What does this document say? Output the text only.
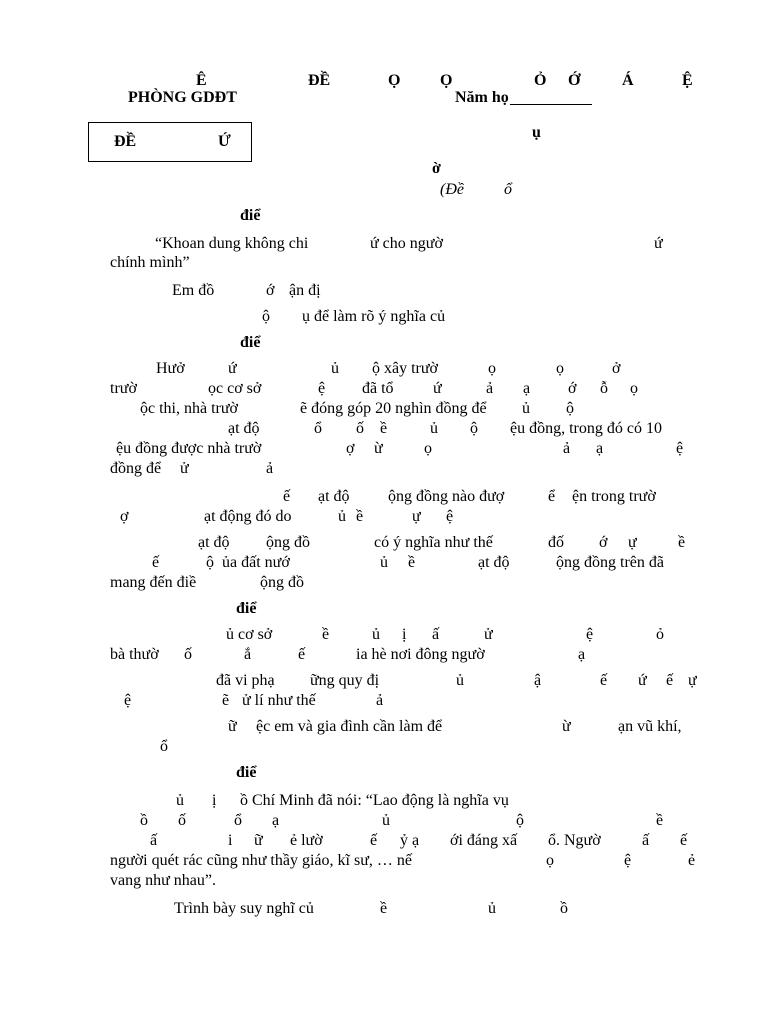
Ê	ĐỀ	Ọ Ọ	Ỏ Ớ	Á	Ệ
PHÒNG GDĐT	Năm họ
ĐỀ	Ứ
ụ
ờ
(Đề	ổ
điể
“Khoan dung không chi	ứ cho ngườ	ứ
chính mình”
Em đồ	ớ ận đị
ộ ụ để làm rõ ý nghĩa củ
điể
Hưở	ứ	ủ ộ xây trườ	ọ	ọ	ở
trườ	ọc cơ sở	ệ đã tổ ứ	ả ạ ớ ỗ ọ
ộc thi, nhà trườ	ẽ đóng góp 20 nghìn đồng để ủ ộ
ạt độ	ổ ố ề	ủ ộ ệu đồng, trong đó có 10
ệu đồng được nhà trườ	ợ ừ	ọ	ả ạ	ệ
đồng để ử	ả
ế ạt độ ộng đồng nào đượ	ể ện trong trườ
ợ	ạt động đó do	ủ ề	ự ệ
ạt độ ộng đồ	có ý nghĩa như thế	đố ớ ự	ề
ế	ộ ủa đất nướ	ủ ề	ạt độ	ộng đồng trên đã
mang đến điề	ộng đồ
điể
ủ cơ sở	ề	ủ ị ấ	ử	ệ	ỏ
bà thườ ố	ắ	ế	ia hè nơi đông ngườ	ạ
đã vi phạ ững quy đị	ủ	ậ	ế ứ ế ự
ệ	ẽ ử lí như thế	ả
ữ ệc em và gia đình cần làm để	ừ	ạn vũ khí,
ổ
điể
ủ ị ồ Chí Minh đã nói: “Lao động là nghĩa vụ
ồ ố	ổ ạ	ủ	ộ	ề
ấ	i ữ ẻ lườ	ế ỷ ạ ới đáng xấ ổ. Ngườ	ấ ế
người quét rác cũng như thầy giáo, kĩ sư, … nế	ọ	ệ	ẻ
vang như nhau”.
Trình bày suy nghĩ củ	ề	ủ	ồ
